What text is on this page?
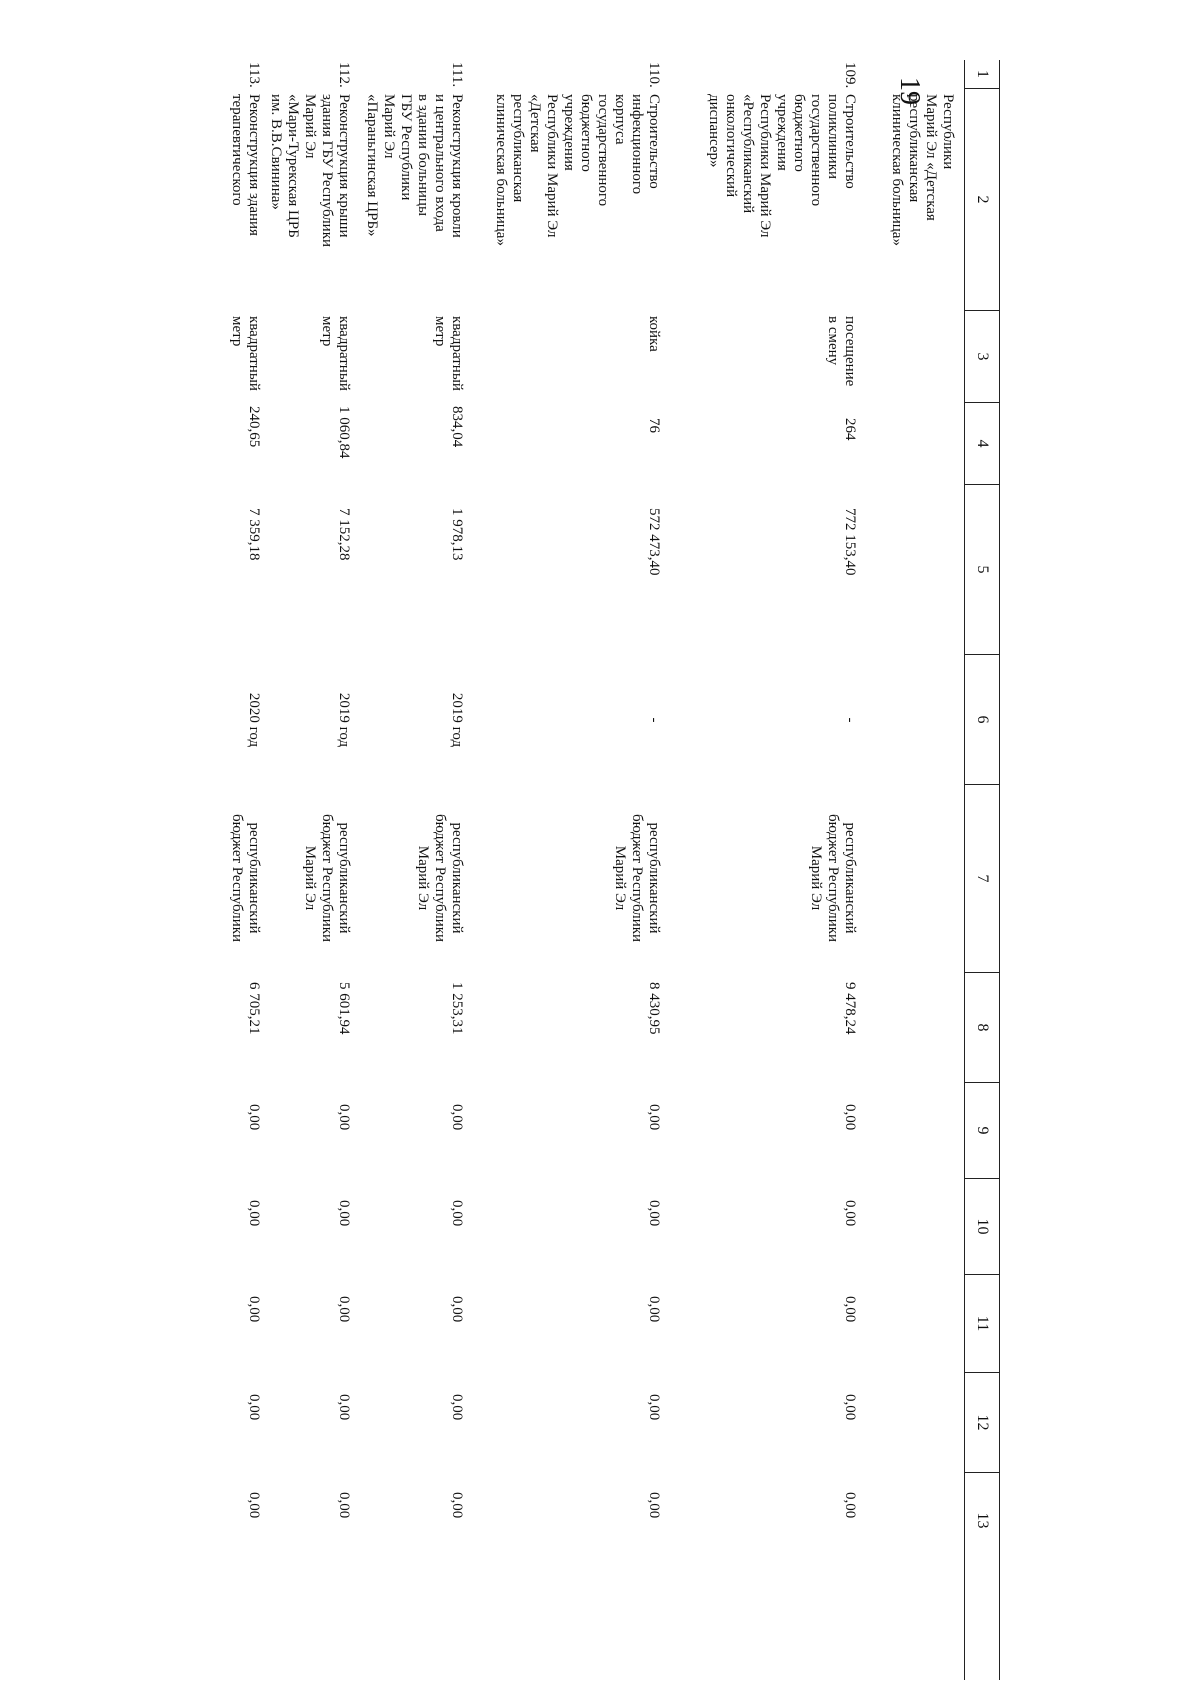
19
1
2
3
4
5
6
7
8
9
10
11
12
13
Республики
Марий Эл «Детская
республиканская
клиническая больница»
109.
Строительство
поликлиники
государственного
бюджетного
учреждения
Республики Марий Эл
«Республиканский
онкологический
диспансер»
посещение
в смену
264
772 153,40
-
республиканский
бюджет Республики
Марий Эл
9 478,24
0,00
0,00
0,00
0,00
0,00
110.
Строительство
инфекционного
корпуса
государственного
бюджетного
учреждения
Республики Марий Эл
«Детская
республиканская
клиническая больница»
койка
76
572 473,40
-
республиканский
бюджет Республики
Марий Эл
8 430,95
0,00
0,00
0,00
0,00
0,00
111.
Реконструкция кровли
и центрального входа
в здании больницы
ГБУ Республики
Марий Эл
«Параньгинская ЦРБ»
квадратный
метр
834,04
1 978,13
2019 год
республиканский
бюджет Республики
Марий Эл
1 253,31
0,00
0,00
0,00
0,00
0,00
112.
Реконструкция крыши
здания ГБУ Республики
Марий Эл
«Мари-Турекская ЦРБ
им. В.В.Свинина»
квадратный
метр
1 060,84
7 152,28
2019 год
республиканский
бюджет Республики
Марий Эл
5 601,94
0,00
0,00
0,00
0,00
0,00
113.
Реконструкция здания
терапевтического
квадратный
метр
240,65
7 359,18
2020 год
республиканский
бюджет Республики
6 705,21
0,00
0,00
0,00
0,00
0,00
